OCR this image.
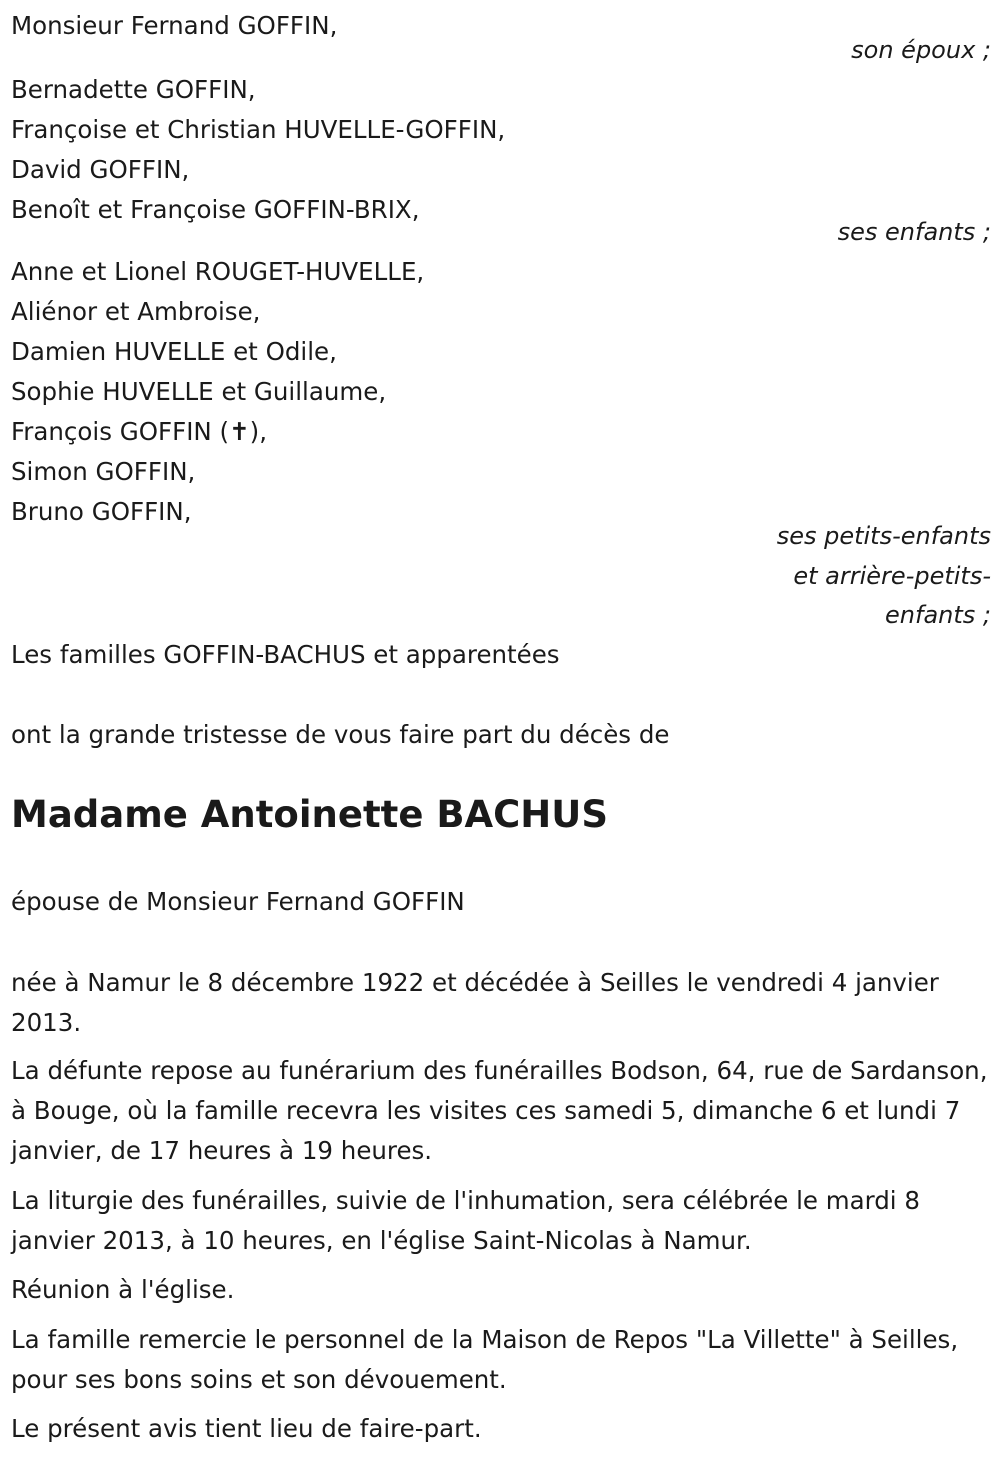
Monsieur Fernand GOFFIN,
son époux ;
Bernadette GOFFIN,
Françoise et Christian HUVELLE-GOFFIN,
David GOFFIN,
Benoît et Françoise GOFFIN-BRIX,
ses enfants ;
Anne et Lionel ROUGET-HUVELLE,
Aliénor et Ambroise,
Damien HUVELLE et Odile,
Sophie HUVELLE et Guillaume,
François GOFFIN (✝),
Simon GOFFIN,
Bruno GOFFIN,
ses petits-enfants
et arrière-petits-
enfants ;
Les familles GOFFIN-BACHUS et apparentées
ont la grande tristesse de vous faire part du décès de
Madame Antoinette BACHUS
épouse de Monsieur Fernand GOFFIN
née à Namur le 8 décembre 1922 et décédée à Seilles le vendredi 4 janvier 2013.
La défunte repose au funérarium des funérailles Bodson, 64, rue de Sardanson, à Bouge, où la famille recevra les visites ces samedi 5, dimanche 6 et lundi 7 janvier, de 17 heures à 19 heures.
La liturgie des funérailles, suivie de l'inhumation, sera célébrée le mardi 8 janvier 2013, à 10 heures, en l'église Saint-Nicolas à Namur.
Réunion à l'église.
La famille remercie le personnel de la Maison de Repos "La Villette" à Seilles, pour ses bons soins et son dévouement.
Le présent avis tient lieu de faire-part.
